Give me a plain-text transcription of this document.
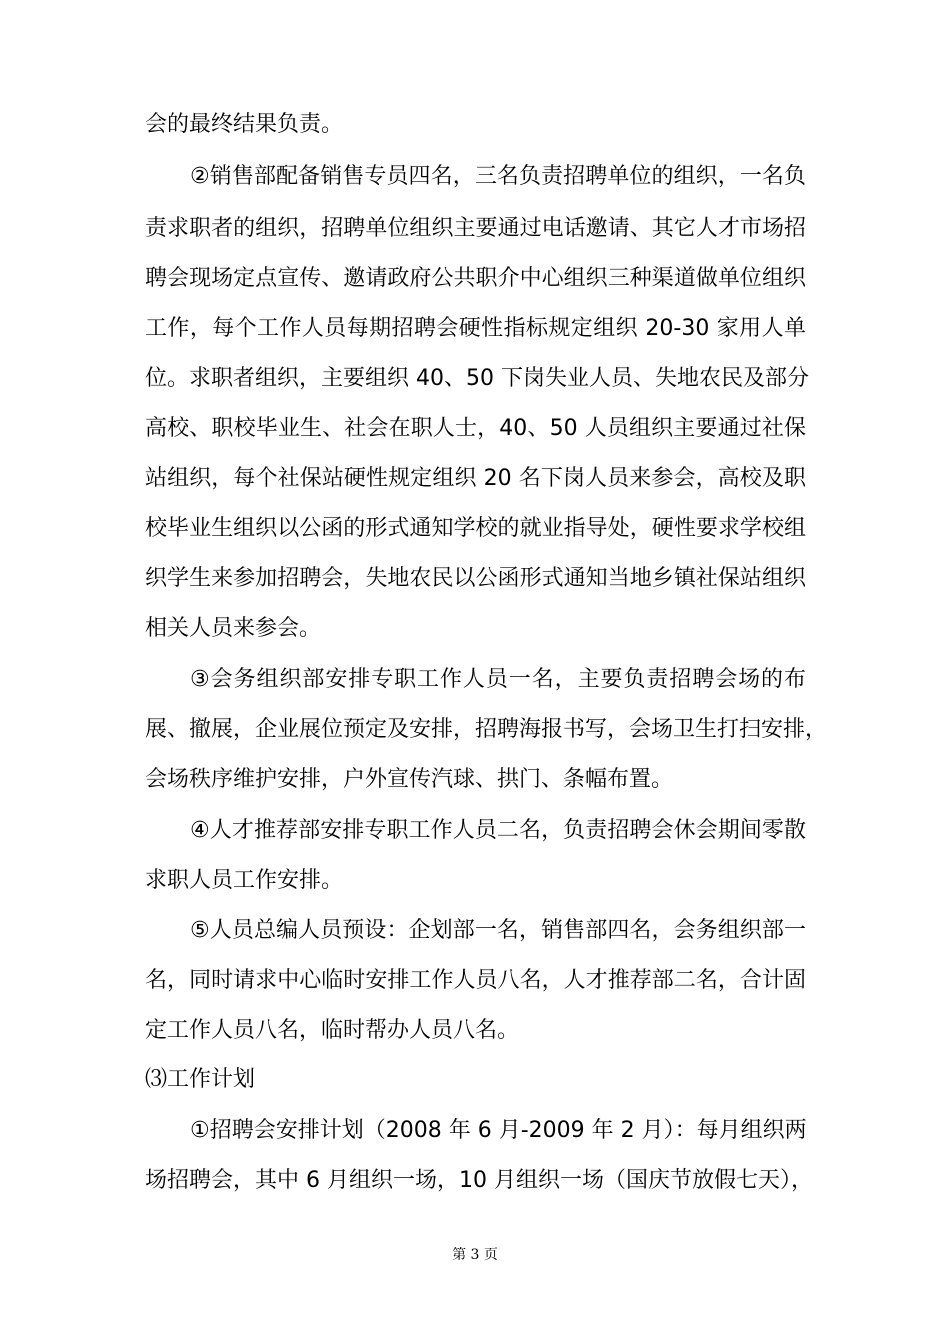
会的最终结果负责。
②销售部配备销售专员四名，三名负责招聘单位的组织，一名负
责求职者的组织，招聘单位组织主要通过电话邀请、其它人才市场招
聘会现场定点宣传、邀请政府公共职介中心组织三种渠道做单位组织
工作，每个工作人员每期招聘会硬性指标规定组织 20-30 家用人单
位。求职者组织，主要组织 40、50 下岗失业人员、失地农民及部分
高校、职校毕业生、社会在职人士，40、50 人员组织主要通过社保
站组织，每个社保站硬性规定组织 20 名下岗人员来参会，高校及职
校毕业生组织以公函的形式通知学校的就业指导处，硬性要求学校组
织学生来参加招聘会，失地农民以公函形式通知当地乡镇社保站组织
相关人员来参会。
③会务组织部安排专职工作人员一名，主要负责招聘会场的布
展、撤展，企业展位预定及安排，招聘海报书写，会场卫生打扫安排，
会场秩序维护安排，户外宣传汽球、拱门、条幅布置。
④人才推荐部安排专职工作人员二名，负责招聘会休会期间零散
求职人员工作安排。
⑤人员总编人员预设：企划部一名，销售部四名，会务组织部一
名，同时请求中心临时安排工作人员八名，人才推荐部二名，合计固
定工作人员八名，临时帮办人员八名。
⑶工作计划
①招聘会安排计划（2008 年 6 月-2009 年 2 月）：每月组织两
场招聘会，其中 6 月组织一场，10 月组织一场（国庆节放假七天），
第 3 页
